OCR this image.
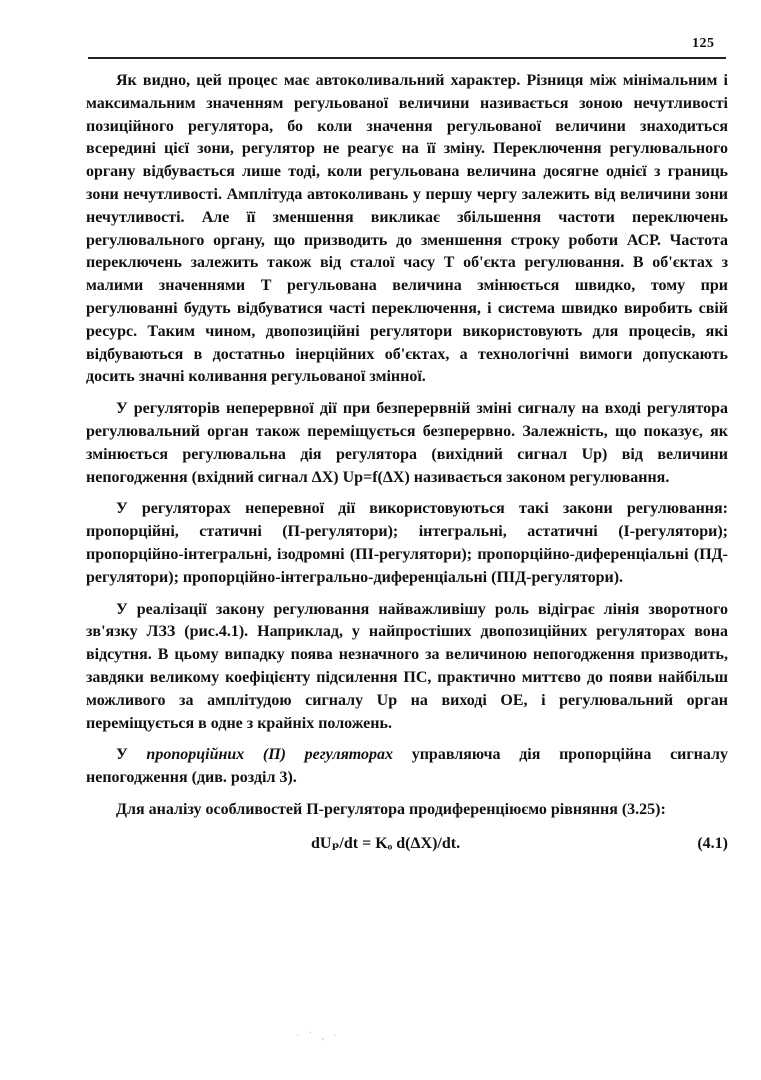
125

Як видно, цей процес має автоколивальний характер. Різниця між мінімальним і максимальним значенням регульованої величини називається зоною нечутливості позиційного регулятора, бо коли значення регульованої величини знаходиться всередині цієї зони, регулятор не реагує на її зміну. Переключення регулювального органу відбувається лише тоді, коли регульована величина досягне однієї з границь зони нечутливості. Амплітуда автоколивань у першу чергу залежить від величини зони нечутливості. Але її зменшення викликає збільшення частоти переключень регулювального органу, що призводить до зменшення строку роботи АСР. Частота переключень залежить також від сталої часу Т об'єкта регулювання. В об'єктах з малими значеннями Т регульована величина змінюється швидко, тому при регулюванні будуть відбуватися часті переключення, і система швидко виробить свій ресурс. Таким чином, двопозиційні регулятори використовують для процесів, які відбуваються в достатньо інерційних об'єктах, а технологічні вимоги допускають досить значні коливання регульованої змінної.

У регуляторів неперервної дії при безперервній зміні сигналу на вході регулятора регулювальний орган також переміщується безперервно. Залежність, що показує, як змінюється регулювальна дія регулятора (вихідний сигнал Up) від величини непогодження (вхідний сигнал ΔХ) Up=f(ΔХ) називається законом регулювання.

У регуляторах неперевної дії використовуються такі закони регулювання: пропорційні, статичні (П-регулятори); інтегральні, астатичні (І-регулятори); пропорційно-інтегральні, ізодромні (ПІ-регулятори); пропорційно-диференціальні (ПД-регулятори); пропорційно-інтегрально-диференціальні (ПІД-регулятори).

У реалізації закону регулювання найважливішу роль відіграє лінія зворотного зв'язку ЛЗЗ (рис.4.1). Наприклад, у найпростіших двопозиційних регуляторах вона відсутня. В цьому випадку поява незначного за величиною непогодження призводить, завдяки великому коефіцієнту підсилення ПС, практично миттєво до появи найбільш можливого за амплітудою сигналу Up на виході ОЕ, і регулювальний орган переміщується в одне з крайніх положень.

У пропорційних (П) регуляторах управляюча дія пропорційна сигналу непогодження (див. розділ 3).

Для аналізу особливостей П-регулятора продиференціюємо рівняння (3.25):

dUₚ/dt = Kₒ d(ΔХ)/dt.	(4.1)
· ˙ ‚ ·
